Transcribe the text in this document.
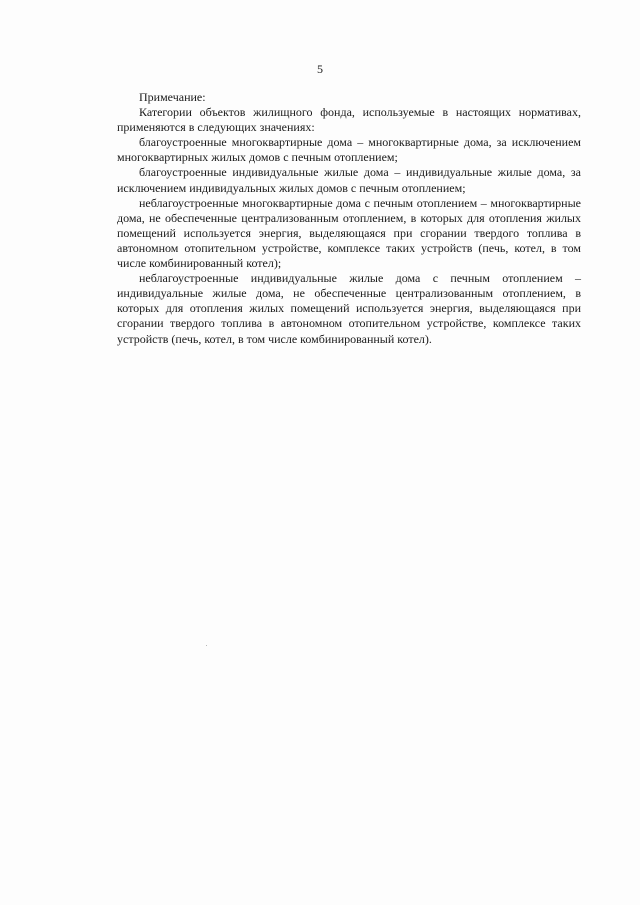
5

Примечание:

Категории объектов жилищного фонда, используемые в настоящих нормативах, применяются в следующих значениях:

благоустроенные многоквартирные дома – многоквартирные дома, за исключением многоквартирных жилых домов с печным отоплением;

благоустроенные индивидуальные жилые дома – индивидуальные жилые дома, за исключением индивидуальных жилых домов с печным отоплением;

неблагоустроенные многоквартирные дома с печным отоплением – многоквартирные дома, не обеспеченные централизованным отоплением, в которых для отопления жилых помещений используется энергия, выделяющаяся при сгорании твердого топлива в автономном отопительном устройстве, комплексе таких устройств (печь, котел, в том числе комбинированный котел);

неблагоустроенные индивидуальные жилые дома с печным отоплением – индивидуальные жилые дома, не обеспеченные централизованным отоплением, в которых для отопления жилых помещений используется энергия, выделяющаяся при сгорании твердого топлива в автономном отопительном устройстве, комплексе таких устройств (печь, котел, в том числе комбинированный котел).
